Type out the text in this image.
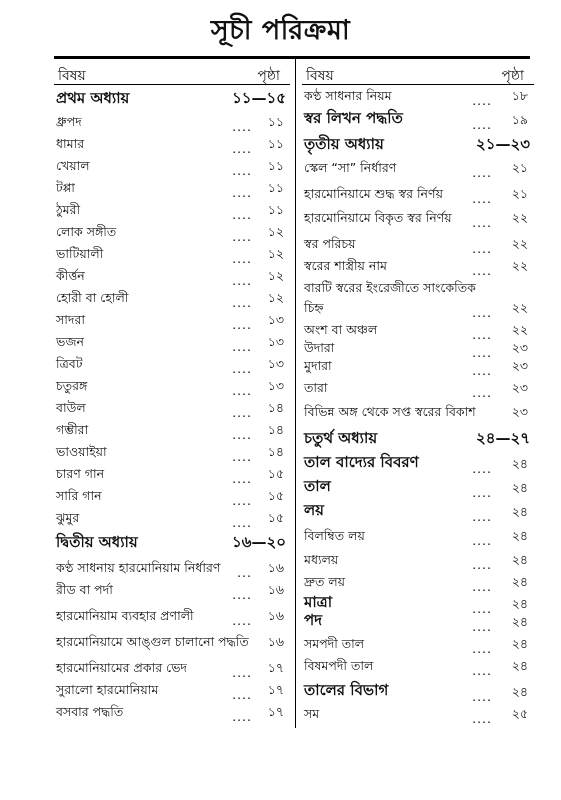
সূচী পরিক্রমা
বিষয়	পৃষ্ঠা
প্রথম অধ্যায়	১১—১৫
ধ্রুপদ	.... ১১
ধামার	.... ১১
খেয়াল	.... ১১
টপ্পা	.... ১১
ঠুমরী	.... ১১
লোক সঙ্গীত	.... ১২
ভাটিয়ালী	.... ১২
কীর্ত্তন	.... ১২
হোরী বা হোলী	.... ১২
সাদরা	.... ১৩
ভজন	.... ১৩
ত্রিবট	.... ১৩
চতুরঙ্গ	.... ১৩
বাউল	.... ১৪
গম্ভীরা	.... ১৪
ভাওয়াইয়া	.... ১৪
চারণ গান	.... ১৫
সারি গান	.... ১৫
ঝুমুর	.... ১৫
দ্বিতীয় অধ্যায়	১৬—২০
কণ্ঠ সাধনায় হারমোনিয়াম নির্ধারণ ... ১৬
রীড বা পর্দা	.... ১৬
হারমোনিয়াম ব্যবহার প্রণালী	.... ১৬
হারমোনিয়ামে আঙ্গুল চালানো পদ্ধতি ১৬
হারমোনিয়ামের প্রকার ভেদ	.... ১৭
সুরালো হারমোনিয়াম	.... ১৭
বসবার পদ্ধতি	.... ১৭
বিষয়	পৃষ্ঠা
কণ্ঠ সাধনার নিয়ম	.... ১৮
স্বর লিখন পদ্ধতি	.... ১৯
তৃতীয় অধ্যায়	২১—২৩
স্কেল “সা” নির্ধারণ	.... ২১
হারমোনিয়ামে শুদ্ধ স্বর নির্ণয় .... ২১
হারমোনিয়ামে বিকৃত স্বর নির্ণয় .... ২২
স্বর পরিচয়	.... ২২
স্বরের শাস্ত্রীয় নাম	.... ২২
বারটি স্বরের ইংরেজীতে সাংকেতিক
চিহ্ন	.... ২২
অংশ বা অঞ্চল	.... ২২
উদারা	.... ২৩
মুদারা	.... ২৩
তারা	.... ২৩
বিভিন্ন অঙ্গ থেকে সপ্ত স্বরের বিকাশ	২৩
চতুর্থ অধ্যায়	২৪—২৭
তাল বাদ্যের বিবরণ	.... ২৪
তাল	.... ২৪
লয়	.... ২৪
বিলম্বিত লয়	.... ২৪
মধ্যলয়	.... ২৪
দ্রুত লয়	.... ২৪
মাত্রা	.... ২৪
পদ	.... ২৪
সমপদী তাল	.... ২৪
বিষমপদী তাল	.... ২৪
তালের বিভাগ	.... ২৪
সম	.... ২৫
